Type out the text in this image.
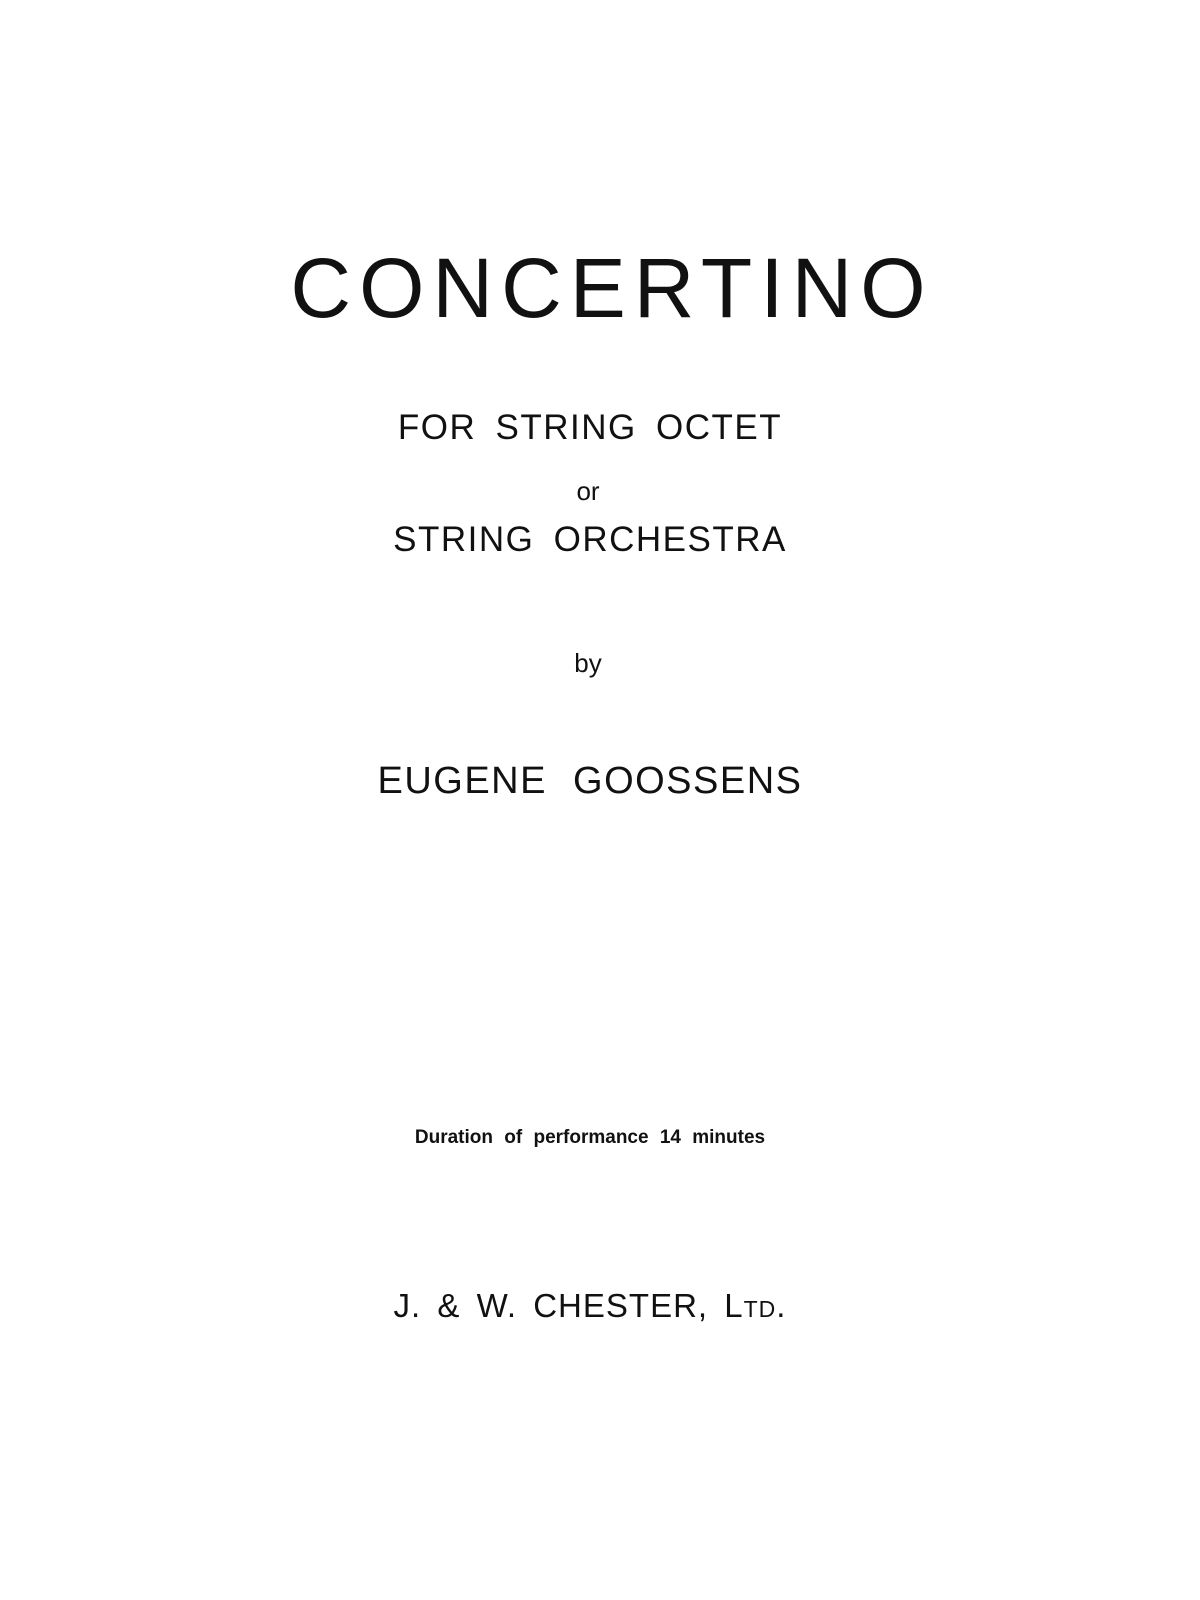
CONCERTINO
FOR STRING OCTET
or
STRING ORCHESTRA
by
EUGENE GOOSSENS
Duration of performance 14 minutes
J. & W. CHESTER, Ltd.
